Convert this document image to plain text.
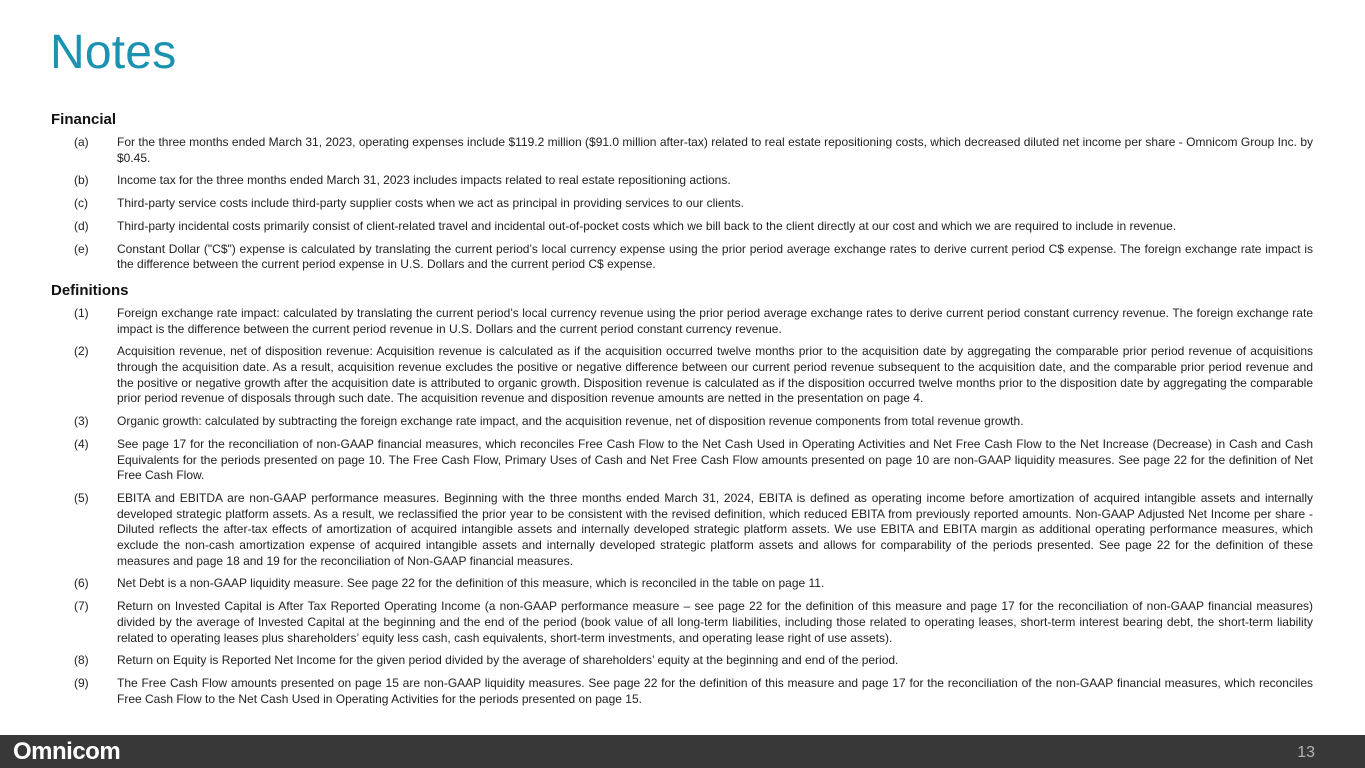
Notes
Financial
(a)	For the three months ended March 31, 2023, operating expenses include $119.2 million ($91.0 million after-tax) related to real estate repositioning costs, which decreased diluted net income per share - Omnicom Group Inc. by $0.45.
(b)	Income tax for the three months ended March 31, 2023 includes impacts related to real estate repositioning actions.
(c)	Third-party service costs include third-party supplier costs when we act as principal in providing services to our clients.
(d)	Third-party incidental costs primarily consist of client-related travel and incidental out-of-pocket costs which we bill back to the client directly at our cost and which we are required to include in revenue.
(e)	Constant Dollar ("C$") expense is calculated by translating the current period’s local currency expense using the prior period average exchange rates to derive current period C$ expense. The foreign exchange rate impact is the difference between the current period expense in U.S. Dollars and the current period C$ expense.
Definitions
(1)	Foreign exchange rate impact: calculated by translating the current period’s local currency revenue using the prior period average exchange rates to derive current period constant currency revenue. The foreign exchange rate impact is the difference between the current period revenue in U.S. Dollars and the current period constant currency revenue.
(2)	Acquisition revenue, net of disposition revenue: Acquisition revenue is calculated as if the acquisition occurred twelve months prior to the acquisition date by aggregating the comparable prior period revenue of acquisitions through the acquisition date. As a result, acquisition revenue excludes the positive or negative difference between our current period revenue subsequent to the acquisition date, and the comparable prior period revenue and the positive or negative growth after the acquisition date is attributed to organic growth. Disposition revenue is calculated as if the disposition occurred twelve months prior to the disposition date by aggregating the comparable prior period revenue of disposals through such date. The acquisition revenue and disposition revenue amounts are netted in the presentation on page 4.
(3)	Organic growth: calculated by subtracting the foreign exchange rate impact, and the acquisition revenue, net of disposition revenue components from total revenue growth.
(4)	See page 17 for the reconciliation of non-GAAP financial measures, which reconciles Free Cash Flow to the Net Cash Used in Operating Activities and Net Free Cash Flow to the Net Increase (Decrease) in Cash and Cash Equivalents for the periods presented on page 10. The Free Cash Flow, Primary Uses of Cash and Net Free Cash Flow amounts presented on page 10 are non-GAAP liquidity measures. See page 22 for the definition of Net Free Cash Flow.
(5)	EBITA and EBITDA are non-GAAP performance measures. Beginning with the three months ended March 31, 2024, EBITA is defined as operating income before amortization of acquired intangible assets and internally developed strategic platform assets. As a result, we reclassified the prior year to be consistent with the revised definition, which reduced EBITA from previously reported amounts. Non-GAAP Adjusted Net Income per share - Diluted reflects the after-tax effects of amortization of acquired intangible assets and internally developed strategic platform assets. We use EBITA and EBITA margin as additional operating performance measures, which exclude the non-cash amortization expense of acquired intangible assets and internally developed strategic platform assets and allows for comparability of the periods presented. See page 22 for the definition of these measures and page 18 and 19 for the reconciliation of Non-GAAP financial measures.
(6)	Net Debt is a non-GAAP liquidity measure. See page 22 for the definition of this measure, which is reconciled in the table on page 11.
(7)	Return on Invested Capital is After Tax Reported Operating Income (a non-GAAP performance measure – see page 22 for the definition of this measure and page 17 for the reconciliation of non-GAAP financial measures) divided by the average of Invested Capital at the beginning and the end of the period (book value of all long-term liabilities, including those related to operating leases, short-term interest bearing debt, the short-term liability related to operating leases plus shareholders’ equity less cash, cash equivalents, short-term investments, and operating lease right of use assets).
(8)	Return on Equity is Reported Net Income for the given period divided by the average of shareholders’ equity at the beginning and end of the period.
(9)	The Free Cash Flow amounts presented on page 15 are non-GAAP liquidity measures. See page 22 for the definition of this measure and page 17 for the reconciliation of the non-GAAP financial measures, which reconciles Free Cash Flow to the Net Cash Used in Operating Activities for the periods presented on page 15.
Omnicom	13
